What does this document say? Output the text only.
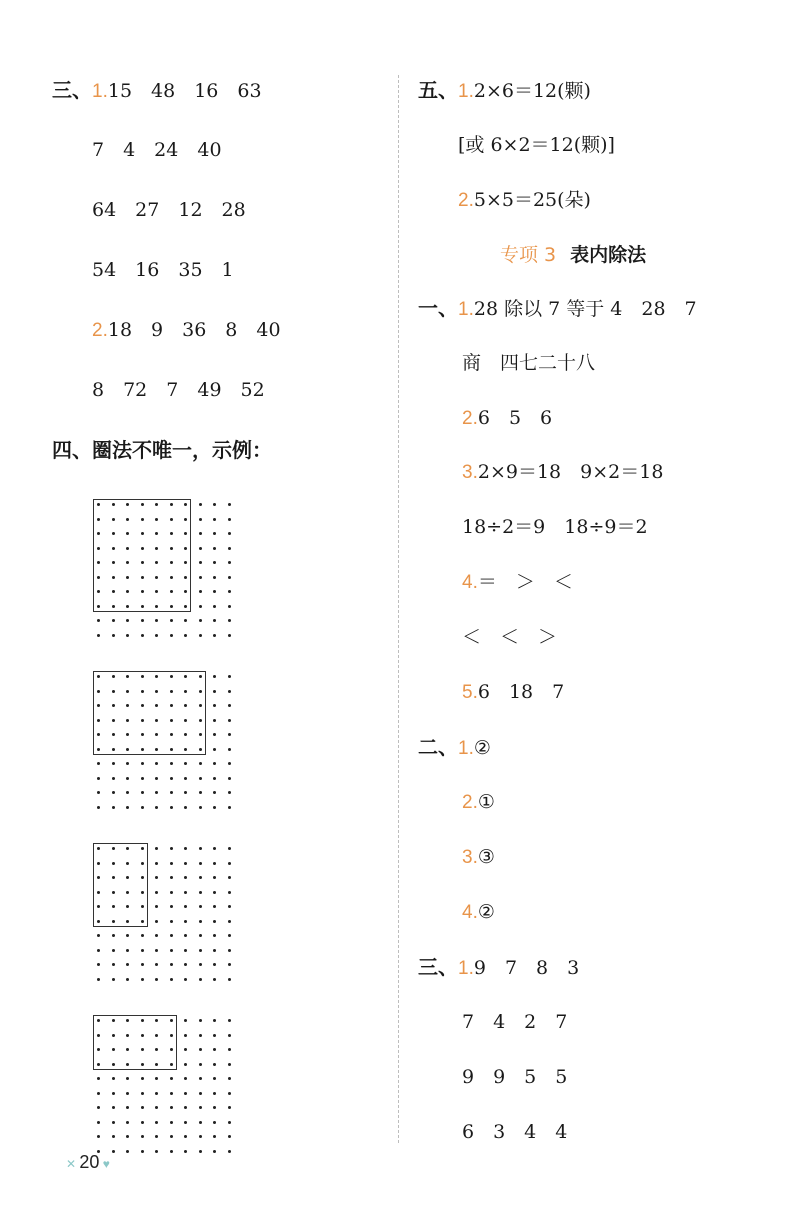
三、1.15　48　16　63
7　4　24　40
64　27　12　28
54　16　35　1
2.18　9　36　8　40
8　72　7　49　52
四、圈法不唯一，示例：
五、1.2×6＝12(颗)
[或 6×2＝12(颗)]
2.5×5＝25(朵)
专项 3 表内除法
一、1.28 除以 7 等于 4　28　7
商　四七二十八
2.6　5　6
3.2×9＝18　9×2＝18
18÷2＝9　18÷9＝2
4.＝　＞　＜
＜　＜　＞
5.6　18　7
二、1.②
2.①
3.③
4.②
三、1.9　7　8　3
7　4　2　7
9　9　5　5
6　3　4　4
✕ 20 ♥
